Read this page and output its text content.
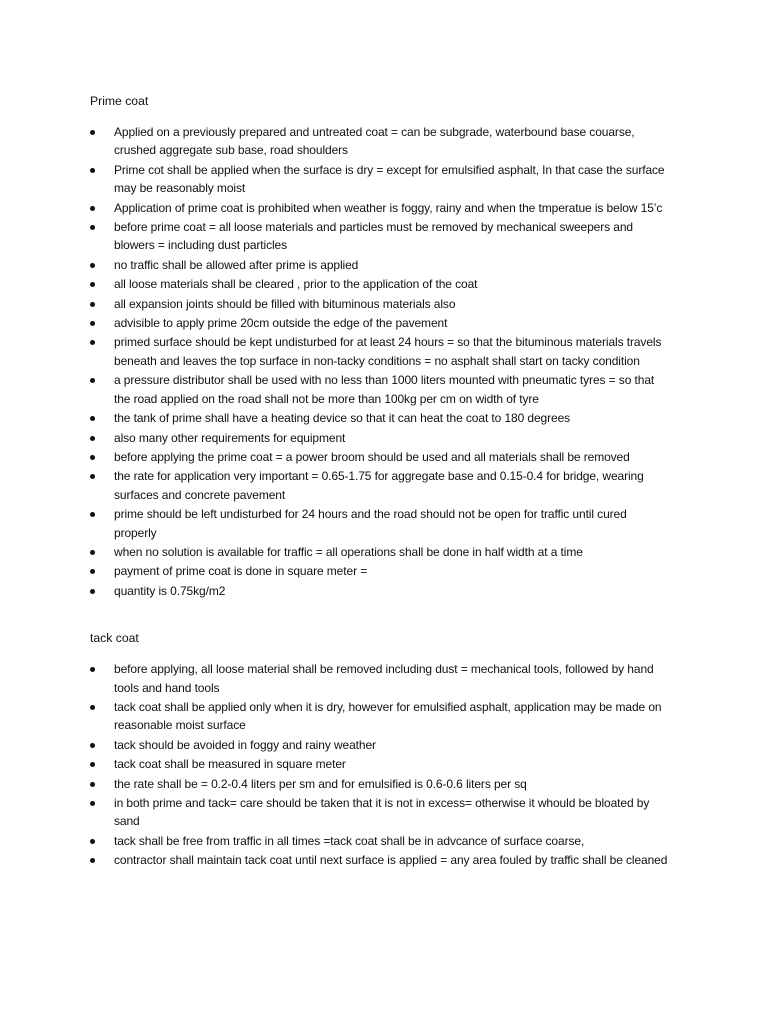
Prime coat
Applied on a previously prepared and untreated coat = can be subgrade, waterbound base couarse, crushed aggregate sub base, road shoulders
Prime cot shall be applied when the surface is dry = except for emulsified asphalt, In that case the surface may be reasonably moist
Application of prime coat is prohibited when weather is foggy, rainy and when the tmperatue is below 15’c
before prime coat = all loose materials and particles must be removed by mechanical sweepers and blowers = including dust particles
no traffic shall be allowed after prime is applied
all loose materials shall be cleared , prior to the application of the coat
all expansion joints should be filled with bituminous materials also
advisible to apply prime 20cm outside the edge of the pavement
primed surface should be kept undisturbed for at least 24 hours = so that the bituminous materials travels beneath and leaves the top surface in non-tacky conditions = no asphalt shall start on tacky condition
a pressure distributor shall be used with no less than 1000 liters mounted with pneumatic tyres = so that the road applied on the road shall not be more than 100kg per cm on width of tyre
the tank of prime shall have a heating device so that it can heat the coat to 180 degrees
also many other requirements for equipment
before applying the prime coat = a power broom should be used and all materials shall be removed
the rate for application very important = 0.65-1.75 for aggregate base and 0.15-0.4 for bridge, wearing surfaces and concrete pavement
prime should be left undisturbed for 24 hours and the road should not be open for traffic until cured properly
when no solution is available for traffic = all operations shall be done in half width at a time
payment of prime coat is done in square meter =
quantity is 0.75kg/m2
tack coat
before applying, all loose material shall be removed including dust = mechanical tools, followed by hand tools and hand tools
tack coat shall be applied only when it is dry, however for emulsified asphalt, application may be made on reasonable moist surface
tack should be avoided in foggy and rainy weather
tack coat shall be measured in square meter
the rate shall be = 0.2-0.4 liters per sm and for emulsified is 0.6-0.6 liters per sq
in both prime and tack= care should be taken that it is not in excess= otherwise it whould be bloated by sand
tack shall be free from traffic in all times =tack coat shall be in advcance of surface coarse,
contractor shall maintain tack coat until next surface is applied = any area fouled by traffic shall be cleaned
